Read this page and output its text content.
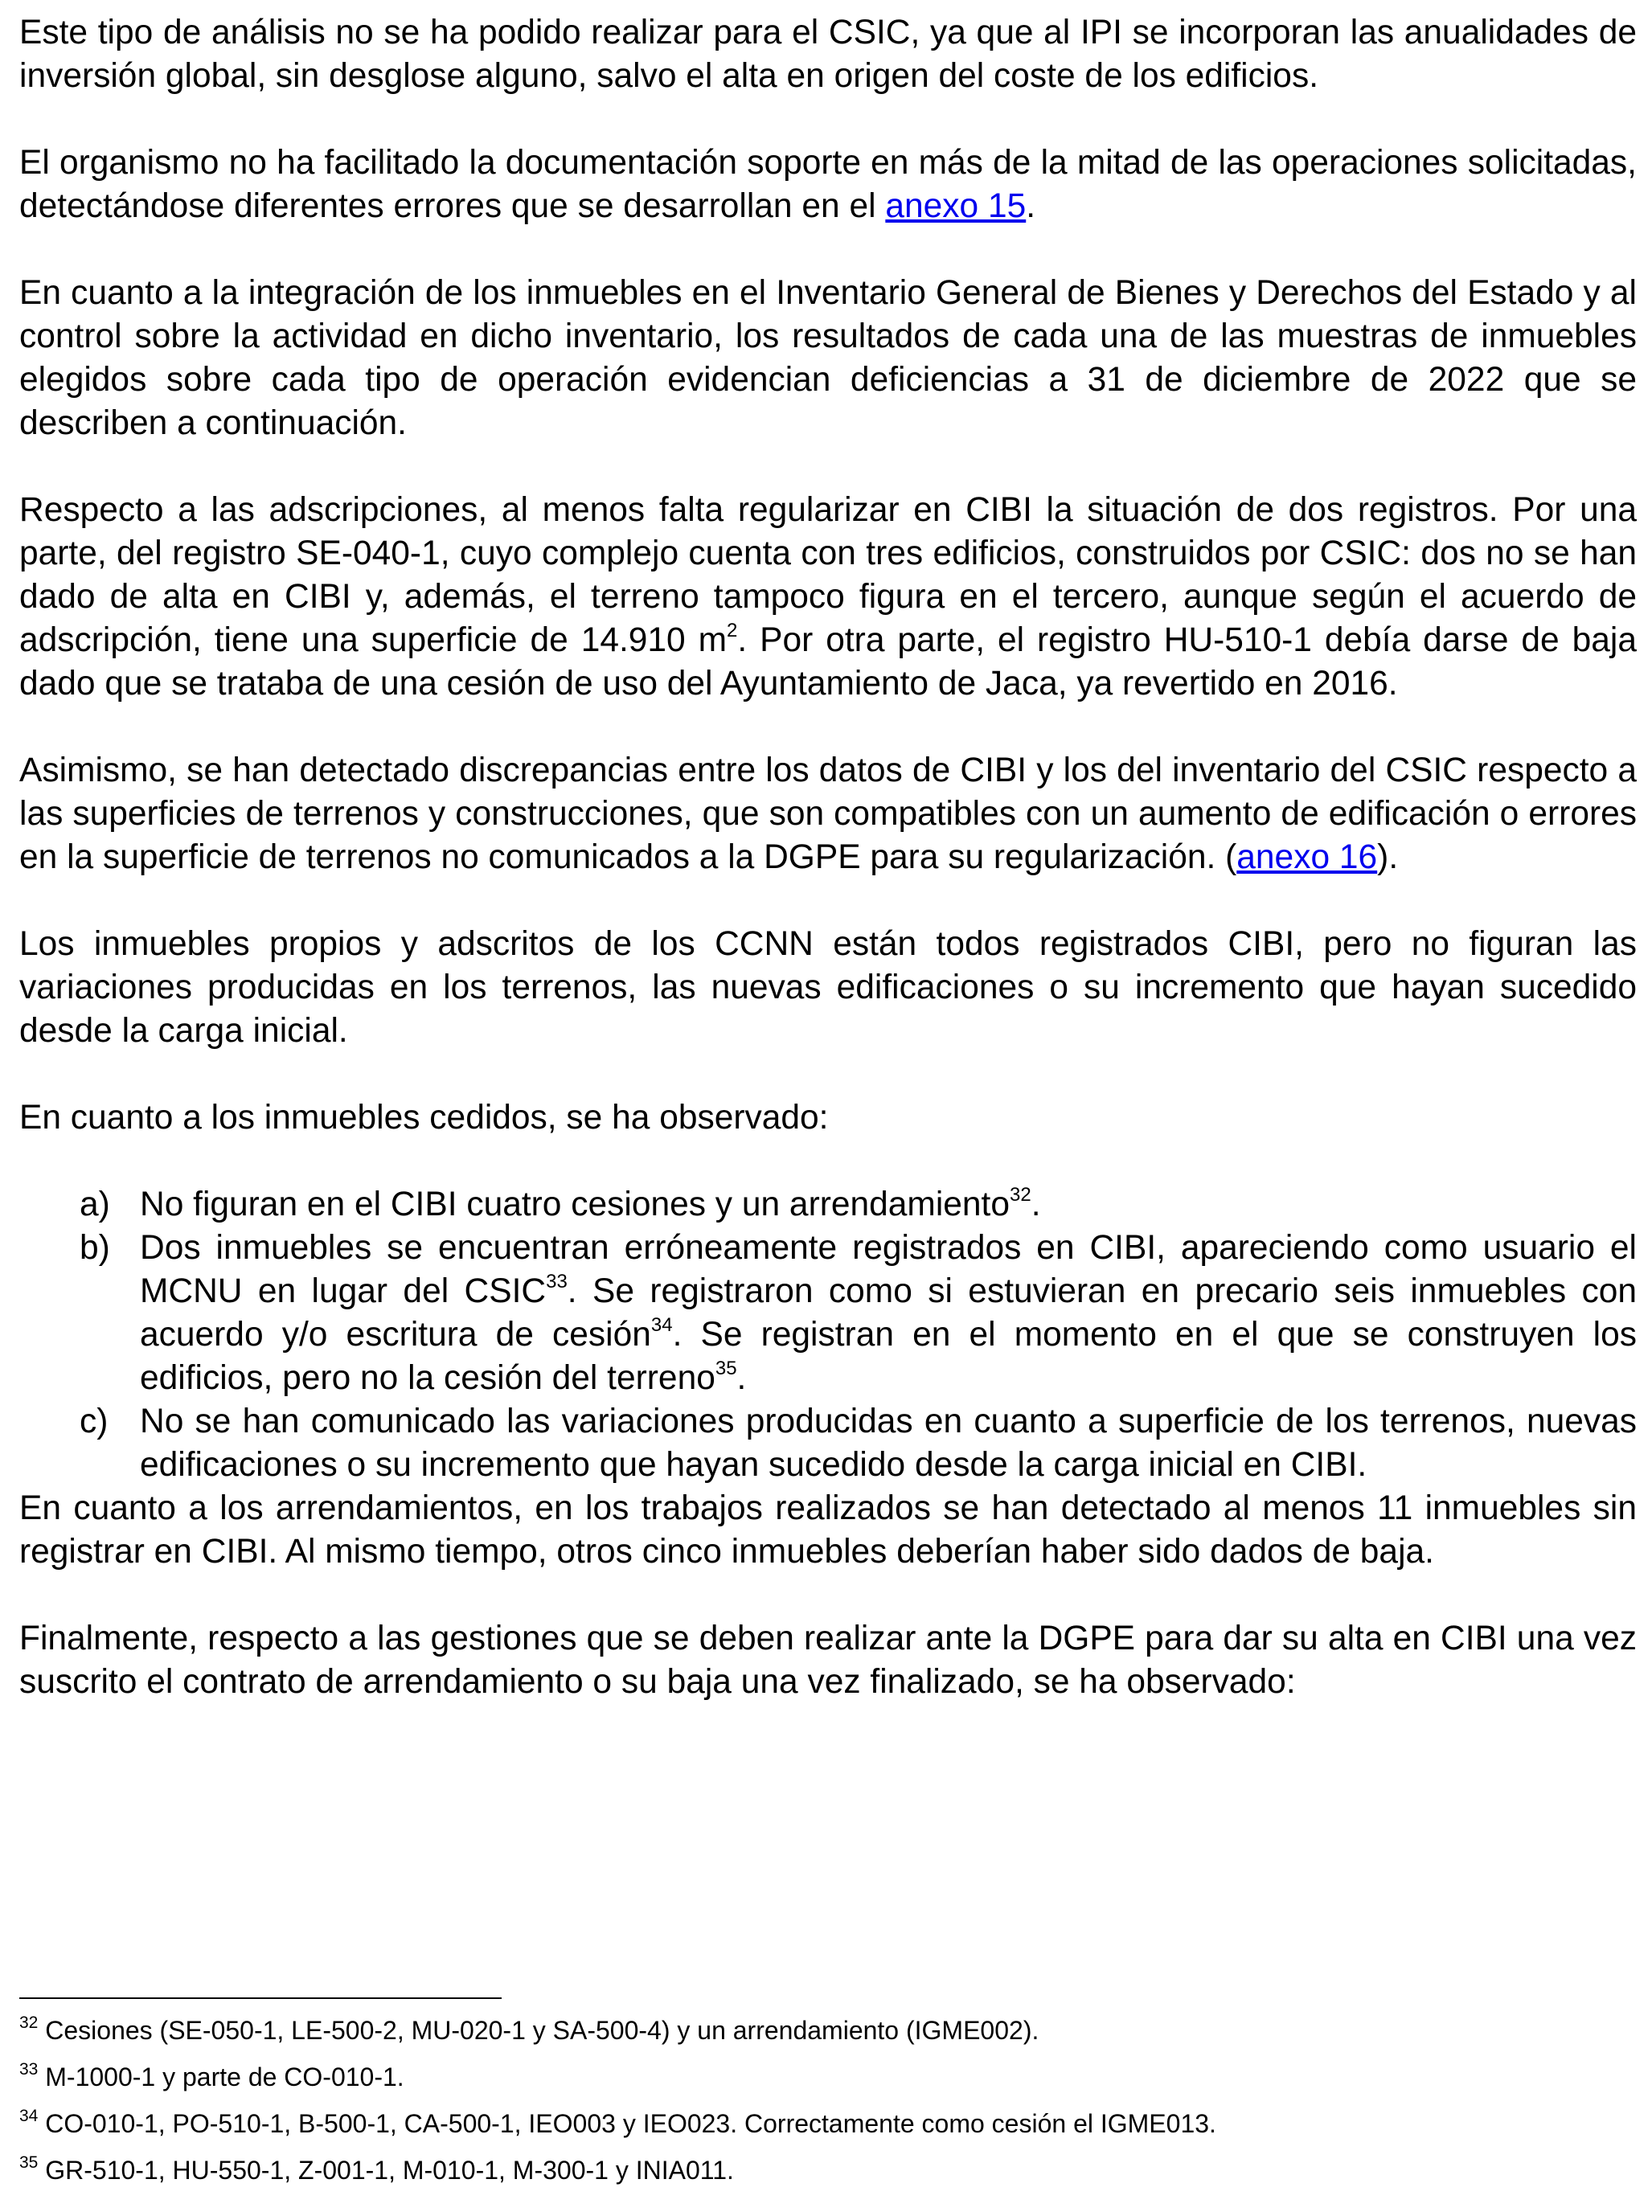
Este tipo de análisis no se ha podido realizar para el CSIC, ya que al IPI se incorporan las anualidades de inversión global, sin desglose alguno, salvo el alta en origen del coste de los edificios.

El organismo no ha facilitado la documentación soporte en más de la mitad de las operaciones solicitadas, detectándose diferentes errores que se desarrollan en el anexo 15.

En cuanto a la integración de los inmuebles en el Inventario General de Bienes y Derechos del Estado y al control sobre la actividad en dicho inventario, los resultados de cada una de las muestras de inmuebles elegidos sobre cada tipo de operación evidencian deficiencias a 31 de diciembre de 2022 que se describen a continuación.

Respecto a las adscripciones, al menos falta regularizar en CIBI la situación de dos registros. Por una parte, del registro SE-040-1, cuyo complejo cuenta con tres edificios, construidos por CSIC: dos no se han dado de alta en CIBI y, además, el terreno tampoco figura en el tercero, aunque según el acuerdo de adscripción, tiene una superficie de 14.910 $m^2$. Por otra parte, el registro HU-510-1 debía darse de baja dado que se trataba de una cesión de uso del Ayuntamiento de Jaca, ya revertido en 2016.

Asimismo, se han detectado discrepancias entre los datos de CIBI y los del inventario del CSIC respecto a las superficies de terrenos y construcciones, que son compatibles con un aumento de edificación o errores en la superficie de terrenos no comunicados a la DGPE para su regularización. (anexo 16).

Los inmuebles propios y adscritos de los CCNN están todos registrados CIBI, pero no figuran las variaciones producidas en los terrenos, las nuevas edificaciones o su incremento que hayan sucedido desde la carga inicial.

En cuanto a los inmuebles cedidos, se ha observado:

a) No figuran en el CIBI cuatro cesiones y un arrendamiento$^{32}$.
b) Dos inmuebles se encuentran erróneamente registrados en CIBI, apareciendo como usuario el MCNU en lugar del CSIC$^{33}$. Se registraron como si estuvieran en precario seis inmuebles con acuerdo y/o escritura de cesión$^{34}$. Se registran en el momento en el que se construyen los edificios, pero no la cesión del terreno$^{35}$.
c) No se han comunicado las variaciones producidas en cuanto a superficie de los terrenos, nuevas edificaciones o su incremento que hayan sucedido desde la carga inicial en CIBI.

En cuanto a los arrendamientos, en los trabajos realizados se han detectado al menos 11 inmuebles sin registrar en CIBI. Al mismo tiempo, otros cinco inmuebles deberían haber sido dados de baja.

Finalmente, respecto a las gestiones que se deben realizar ante la DGPE para dar su alta en CIBI una vez suscrito el contrato de arrendamiento o su baja una vez finalizado, se ha observado:

$^{32}$ Cesiones (SE-050-1, LE-500-2, MU-020-1 y SA-500-4) y un arrendamiento (IGME002).

$^{33}$ M-1000-1 y parte de CO-010-1.

$^{34}$ CO-010-1, PO-510-1, B-500-1, CA-500-1, IEO003 y IEO023. Correctamente como cesión el IGME013.

$^{35}$ GR-510-1, HU-550-1, Z-001-1, M-010-1, M-300-1 y INIA011.
